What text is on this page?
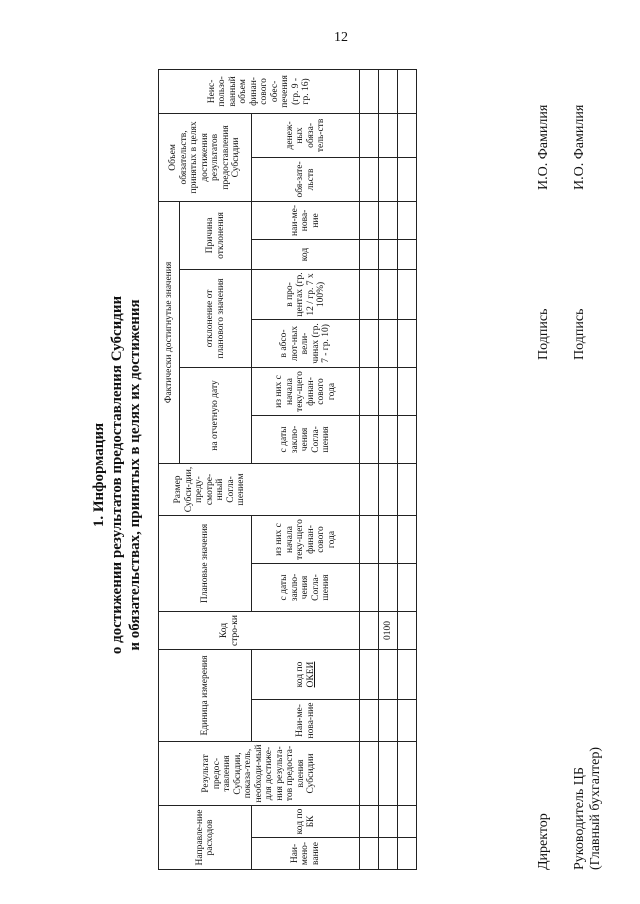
12
1. Информация о достижении результатов предоставления Субсидии и обязательствах, принятых в целях их достижения
Направле-ние расходов		Результат предос-тавления Субсидии, показа-тель, необходи-мый для достиже-ния результа-тов предоста-вления Субсидии	Единица измерения		Код стро-ки	Плановые значения		Размер Субси-дии, преду-смотре-нный Согла-шением	Фактически достигнутые значения						Объем обязательств, принятых в целях достижения результатов предоставления Субсидии		Неис-пользо-ванный объем финан-сового обес-печения (гр. 9 - гр. 16)
									на отчетную дату		отклонение от планового значения		Причина отклонения				
Наи-мено-вание	код по БК		Наи-ме-нова-ние	код по ОКЕИ		с даты заклю-чения Согла-шения	из них с начала теку-щего финан-сового года		с даты заклю-чения Согла-шения	из них с начала теку-щего финан-сового года	в абсо-лют-ных вели-чинах (гр. 7 - гр. 10)	в про-центах (гр. 12 / гр. 7 x 100%)	код	наи-ме-нова-ние	обя-зате-льств	денеж-ных обяза-тель-ств	

					0100												

Директор
Подпись
И.О. Фамилия
Руководитель ЦБ (Главный бухгалтер)
Подпись
И.О. Фамилия
